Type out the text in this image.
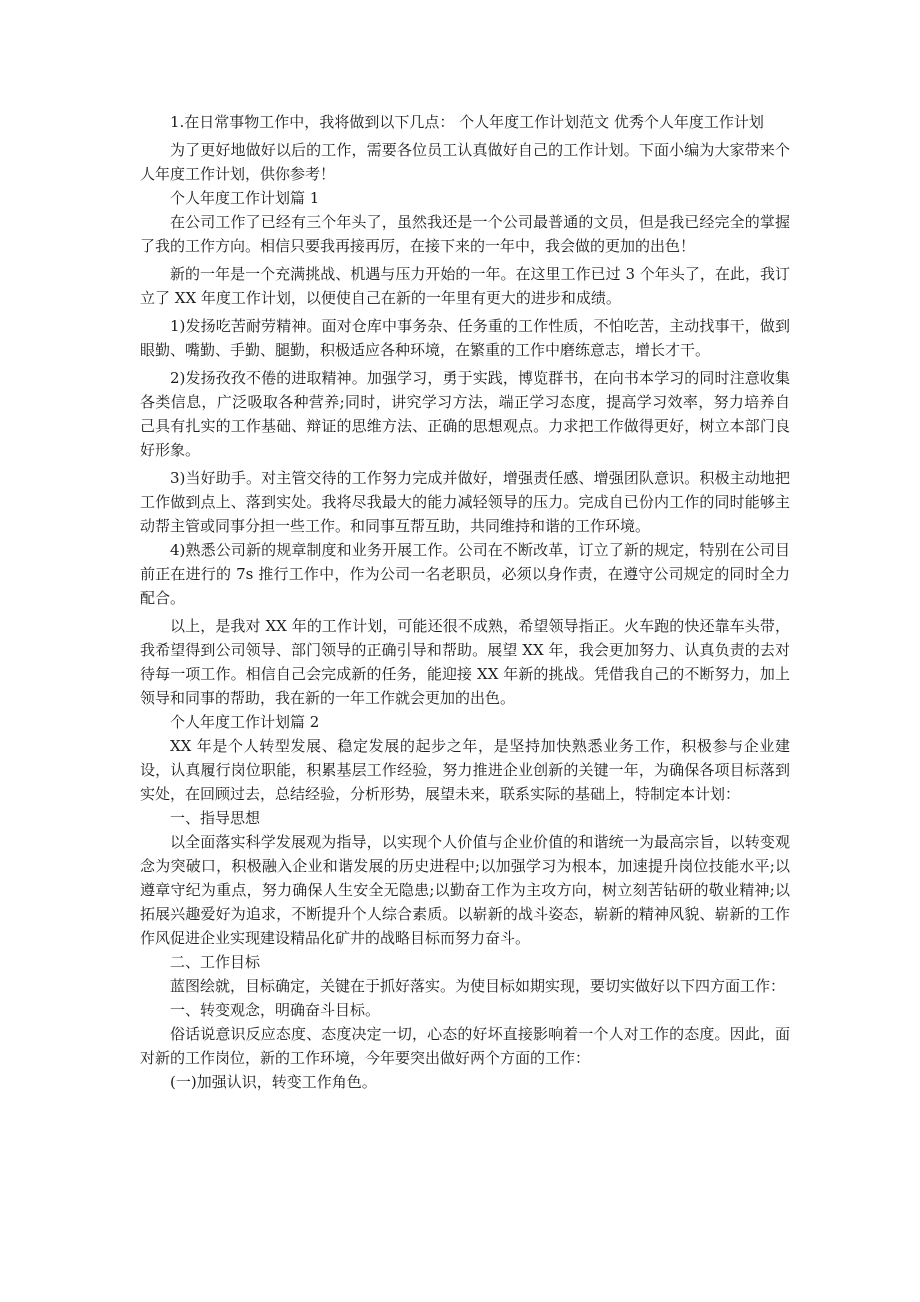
1.在日常事物工作中，我将做到以下几点： 个人年度工作计划范文 优秀个人年度工作计划

为了更好地做好以后的工作，需要各位员工认真做好自己的工作计划。下面小编为大家带来个人年度工作计划，供你参考！

个人年度工作计划篇 1

在公司工作了已经有三个年头了，虽然我还是一个公司最普通的文员，但是我已经完全的掌握了我的工作方向。相信只要我再接再厉，在接下来的一年中，我会做的更加的出色！

新的一年是一个充满挑战、机遇与压力开始的一年。在这里工作已过 3 个年头了，在此，我订立了 XX 年度工作计划，以便使自己在新的一年里有更大的进步和成绩。

1)发扬吃苦耐劳精神。面对仓库中事务杂、任务重的工作性质，不怕吃苦，主动找事干，做到眼勤、嘴勤、手勤、腿勤，积极适应各种环境，在繁重的工作中磨练意志，增长才干。

2)发扬孜孜不倦的进取精神。加强学习，勇于实践，博览群书，在向书本学习的同时注意收集各类信息，广泛吸取各种营养;同时，讲究学习方法，端正学习态度，提高学习效率，努力培养自己具有扎实的工作基础、辩证的思维方法、正确的思想观点。力求把工作做得更好，树立本部门良好形象。

3)当好助手。对主管交待的工作努力完成并做好，增强责任感、增强团队意识。积极主动地把工作做到点上、落到实处。我将尽我最大的能力减轻领导的压力。完成自已份内工作的同时能够主动帮主管或同事分担一些工作。和同事互帮互助，共同维持和谐的工作环境。

4)熟悉公司新的规章制度和业务开展工作。公司在不断改革，订立了新的规定，特别在公司目前正在进行的 7s 推行工作中，作为公司一名老职员，必须以身作责，在遵守公司规定的同时全力配合。

以上，是我对 XX 年的工作计划，可能还很不成熟，希望领导指正。火车跑的快还靠车头带，我希望得到公司领导、部门领导的正确引导和帮助。展望 XX 年，我会更加努力、认真负责的去对待每一项工作。相信自己会完成新的任务，能迎接 XX 年新的挑战。凭借我自己的不断努力，加上领导和同事的帮助，我在新的一年工作就会更加的出色。

个人年度工作计划篇 2

XX 年是个人转型发展、稳定发展的起步之年，是坚持加快熟悉业务工作，积极参与企业建设，认真履行岗位职能，积累基层工作经验，努力推进企业创新的关键一年，为确保各项目标落到实处，在回顾过去，总结经验，分析形势，展望未来，联系实际的基础上，特制定本计划：

一、指导思想

以全面落实科学发展观为指导，以实现个人价值与企业价值的和谐统一为最高宗旨，以转变观念为突破口，积极融入企业和谐发展的历史进程中;以加强学习为根本，加速提升岗位技能水平;以遵章守纪为重点，努力确保人生安全无隐患;以勤奋工作为主攻方向，树立刻苦钻研的敬业精神;以拓展兴趣爱好为追求，不断提升个人综合素质。以崭新的战斗姿态，崭新的精神风貌、崭新的工作作风促进企业实现建设精品化矿井的战略目标而努力奋斗。

二、工作目标

蓝图绘就，目标确定，关键在于抓好落实。为使目标如期实现，要切实做好以下四方面工作：

一、转变观念，明确奋斗目标。

俗话说意识反应态度、态度决定一切，心态的好坏直接影响着一个人对工作的态度。因此，面对新的工作岗位，新的工作环境，今年要突出做好两个方面的工作：

(一)加强认识，转变工作角色。
